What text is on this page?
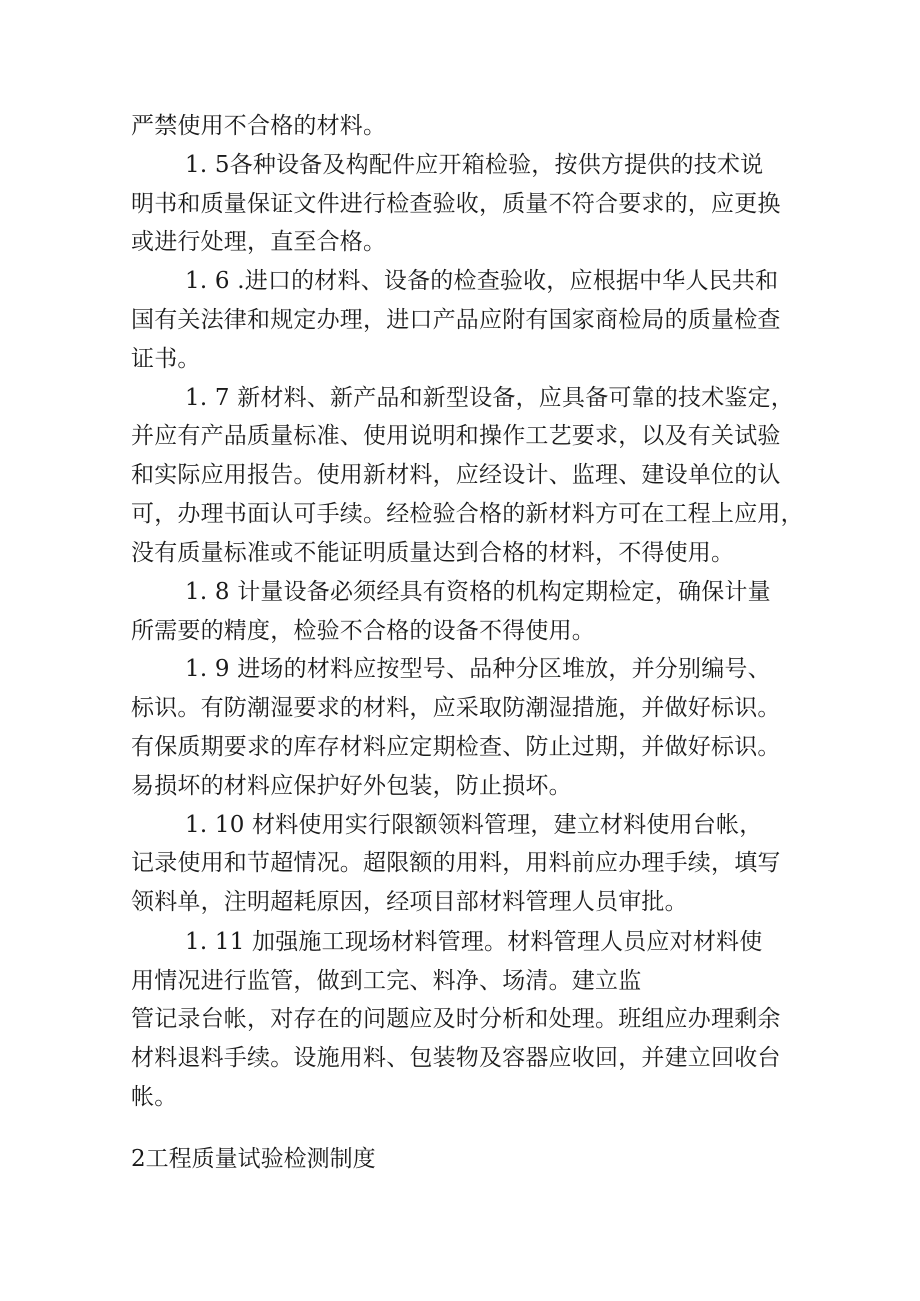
严禁使用不合格的材料。
1. 5各种设备及构配件应开箱检验，按供方提供的技术说
明书和质量保证文件进行检查验收，质量不符合要求的，应更换
或进行处理，直至合格。
1. 6 .进口的材料、设备的检查验收，应根据中华人民共和
国有关法律和规定办理，进口产品应附有国家商检局的质量检查
证书。
1. 7 新材料、新产品和新型设备，应具备可靠的技术鉴定，
并应有产品质量标准、使用说明和操作工艺要求，以及有关试验
和实际应用报告。使用新材料，应经设计、监理、建设单位的认
可，办理书面认可手续。经检验合格的新材料方可在工程上应用，
没有质量标准或不能证明质量达到合格的材料，不得使用。
1. 8 计量设备必须经具有资格的机构定期检定，确保计量
所需要的精度，检验不合格的设备不得使用。
1. 9 进场的材料应按型号、品种分区堆放，并分别编号、
标识。有防潮湿要求的材料，应采取防潮湿措施，并做好标识。
有保质期要求的库存材料应定期检查、防止过期，并做好标识。
易损坏的材料应保护好外包装，防止损坏。
1. 10 材料使用实行限额领料管理，建立材料使用台帐，
记录使用和节超情况。超限额的用料，用料前应办理手续，填写
领料单，注明超耗原因，经项目部材料管理人员审批。
1. 11 加强施工现场材料管理。材料管理人员应对材料使
用情况进行监管，做到工完、料净、场清。建立监
管记录台帐，对存在的问题应及时分析和处理。班组应办理剩余
材料退料手续。设施用料、包装物及容器应收回，并建立回收台
帐。
2工程质量试验检测制度
